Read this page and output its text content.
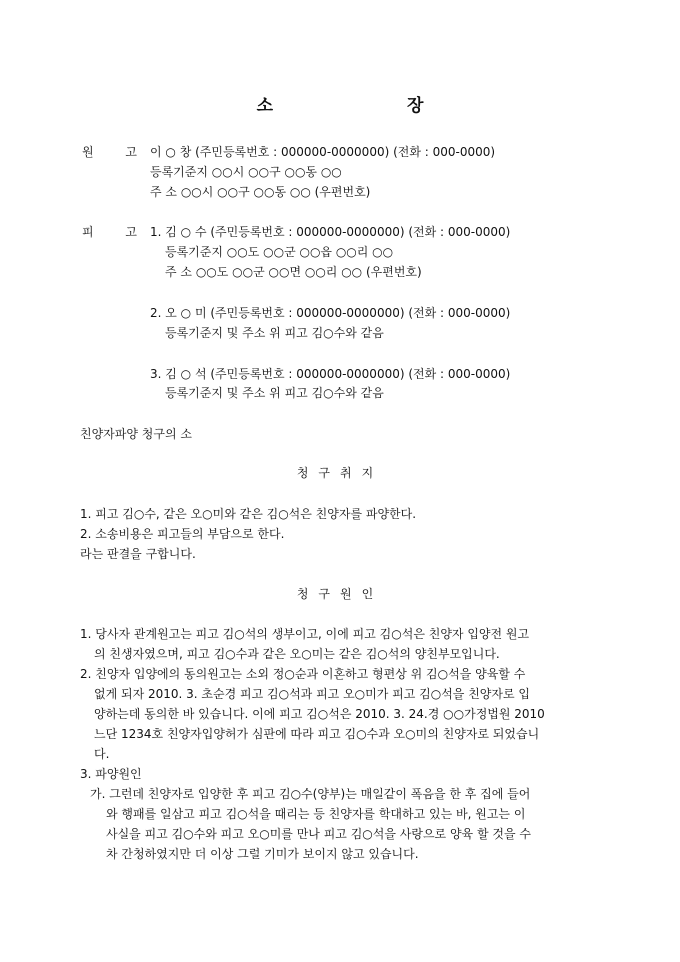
소 장
원 고 이 ○ 창 (주민등록번호 : 000000-0000000) (전화 : 000-0000)
등록기준지 ○○시 ○○구 ○○동 ○○
주 소 ○○시 ○○구 ○○동 ○○ (우편번호)
피 고 1. 김 ○ 수 (주민등록번호 : 000000-0000000) (전화 : 000-0000)
등록기준지 ○○도 ○○군 ○○읍 ○○리 ○○
주 소 ○○도 ○○군 ○○면 ○○리 ○○ (우편번호)
2. 오 ○ 미 (주민등록번호 : 000000-0000000) (전화 : 000-0000)
등록기준지 및 주소 위 피고 김○수와 같음
3. 김 ○ 석 (주민등록번호 : 000000-0000000) (전화 : 000-0000)
등록기준지 및 주소 위 피고 김○수와 같음
친양자파양 청구의 소
청구취지
1. 피고 김○수, 같은 오○미와 같은 김○석은 친양자를 파양한다.
2. 소송비용은 피고들의 부담으로 한다.
라는 판결을 구합니다.
청구원인
1. 당사자 관계원고는 피고 김○석의 생부이고, 이에 피고 김○석은 친양자 입양전 원고
의 친생자였으며, 피고 김○수과 같은 오○미는 같은 김○석의 양친부모입니다.
2. 친양자 입양에의 동의원고는 소외 정○순과 이혼하고 형편상 위 김○석을 양육할 수
없게 되자 2010. 3. 초순경 피고 김○석과 피고 오○미가 피고 김○석을 친양자로 입
양하는데 동의한 바 있습니다. 이에 피고 김○석은 2010. 3. 24.경 ○○가정법원 2010
느단 1234호 친양자입양허가 심판에 따라 피고 김○수과 오○미의 친양자로 되었습니
다.
3. 파양원인
가. 그런데 친양자로 입양한 후 피고 김○수(양부)는 매일같이 폭음을 한 후 집에 들어
와 행패를 일삼고 피고 김○석을 때리는 등 친양자를 학대하고 있는 바, 원고는 이
사실을 피고 김○수와 피고 오○미를 만나 피고 김○석을 사랑으로 양육 할 것을 수
차 간청하였지만 더 이상 그럴 기미가 보이지 않고 있습니다.
